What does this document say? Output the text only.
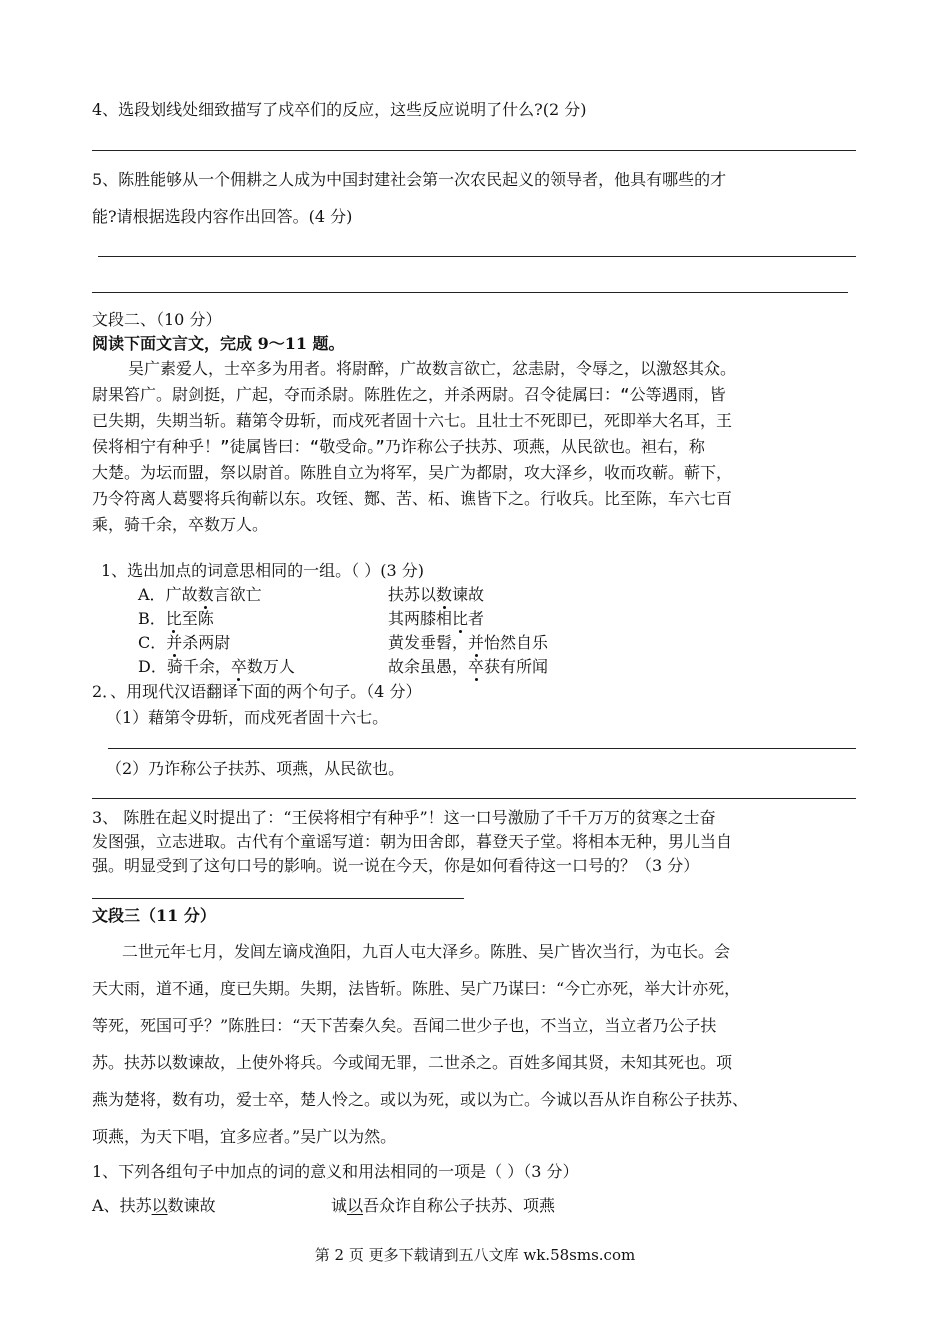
4、选段划线处细致描写了戍卒们的反应，这些反应说明了什么?(2 分)
5、陈胜能够从一个佣耕之人成为中国封建社会第一次农民起义的领导者，他具有哪些的才
能?请根据选段内容作出回答。(4 分)
文段二、（10 分）
阅读下面文言文，完成 9～11 题。
吴广素爱人，士卒多为用者。将尉醉，广故数言欲亡，忿恚尉，令辱之，以激怒其众。
尉果笞广。尉剑挺，广起，夺而杀尉。陈胜佐之，并杀两尉。召令徒属曰：“公等遇雨，皆
已失期，失期当斩。藉第令毋斩，而戍死者固十六七。且壮士不死即已，死即举大名耳，王
侯将相宁有种乎！”徒属皆曰：“敬受命。”乃诈称公子扶苏、项燕，从民欲也。袒右，称
大楚。为坛而盟，祭以尉首。陈胜自立为将军，吴广为都尉，攻大泽乡，收而攻蕲。蕲下，
乃令符离人葛婴将兵徇蕲以东。攻铚、酂、苦、柘、谯皆下之。行收兵。比至陈，车六七百
乘，骑千余，卒数万人。
1、选出加点的词意思相同的一组。（ ）(3 分)
A．广故数言欲亡	扶苏以数谏故
B．比至陈	其两膝相比者
C．并杀两尉	黄发垂髫，并怡然自乐
D．骑千余，卒数万人	故余虽愚，卒获有所闻
2．、用现代汉语翻译下面的两个句子。（4 分）
（1）藉第令毋斩，而戍死者固十六七。
（2）乃诈称公子扶苏、项燕，从民欲也。
3、 陈胜在起义时提出了：“王侯将相宁有种乎”！这一口号激励了千千万万的贫寒之士奋
发图强，立志进取。古代有个童谣写道：朝为田舍郎，暮登天子堂。将相本无种，男儿当自
强。明显受到了这句口号的影响。说一说在今天，你是如何看待这一口号的？（3 分）
文段三（11 分）
二世元年七月，发闾左谪戍渔阳，九百人屯大泽乡。陈胜、吴广皆次当行，为屯长。会
天大雨，道不通，度已失期。失期，法皆斩。陈胜、吴广乃谋曰：“今亡亦死，举大计亦死，
等死，死国可乎？”陈胜曰：“天下苦秦久矣。吾闻二世少子也，不当立，当立者乃公子扶
苏。扶苏以数谏故，上使外将兵。今或闻无罪，二世杀之。百姓多闻其贤，未知其死也。项
燕为楚将，数有功，爱士卒，楚人怜之。或以为死，或以为亡。今诚以吾从诈自称公子扶苏、
项燕，为天下唱，宜多应者。”吴广以为然。
1、下列各组句子中加点的词的意义和用法相同的一项是（ ）（3 分）
A、扶苏以数谏故	诚以吾众诈自称公子扶苏、项燕
第 2 页 更多下载请到五八文库 wk.58sms.com
